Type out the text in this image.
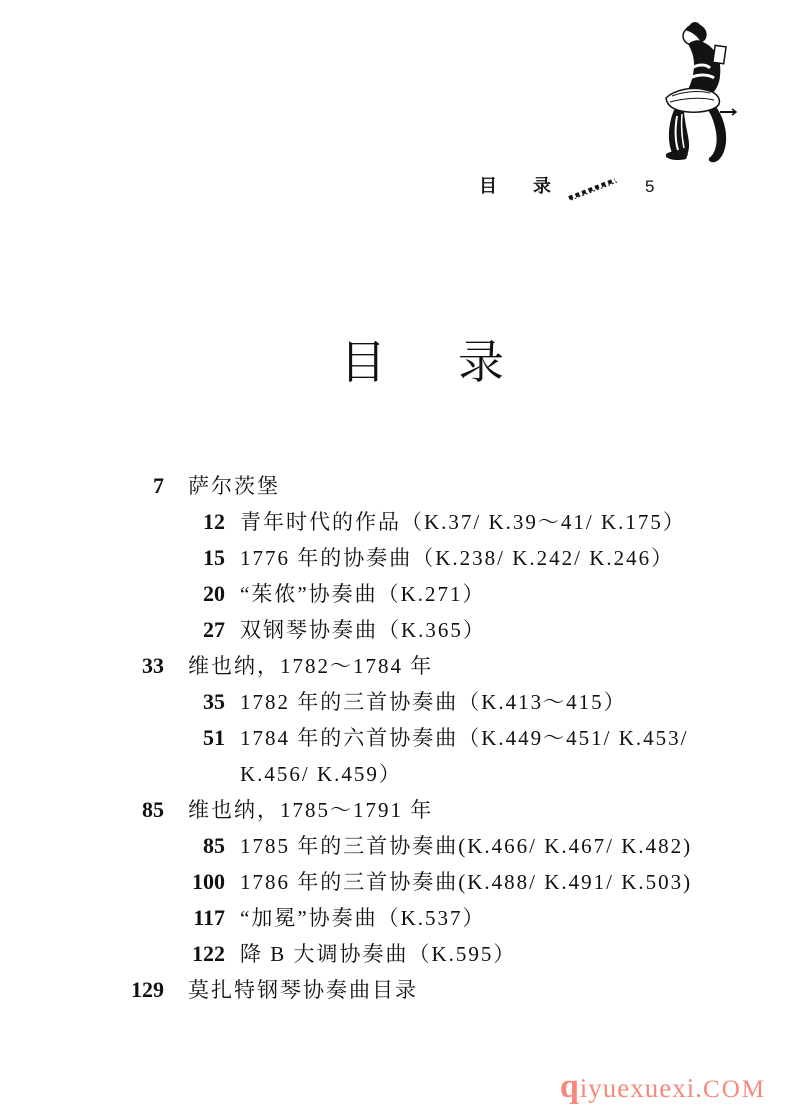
目 录	5
目 录
7 萨尔茨堡
12 青年时代的作品（K.37/ K.39～41/ K.175）
15 1776 年的协奏曲（K.238/ K.242/ K.246）
20 “茱侬”协奏曲（K.271）
27 双钢琴协奏曲（K.365）
33 维也纳，1782～1784 年
35 1782 年的三首协奏曲（K.413～415）
51 1784 年的六首协奏曲（K.449～451/ K.453/
K.456/ K.459）
85 维也纳，1785～1791 年
85 1785 年的三首协奏曲(K.466/ K.467/ K.482)
100 1786 年的三首协奏曲(K.488/ K.491/ K.503)
117 “加冕”协奏曲（K.537）
122 降 B 大调协奏曲（K.595）
129 莫扎特钢琴协奏曲目录
qiyuexuexi.COM
